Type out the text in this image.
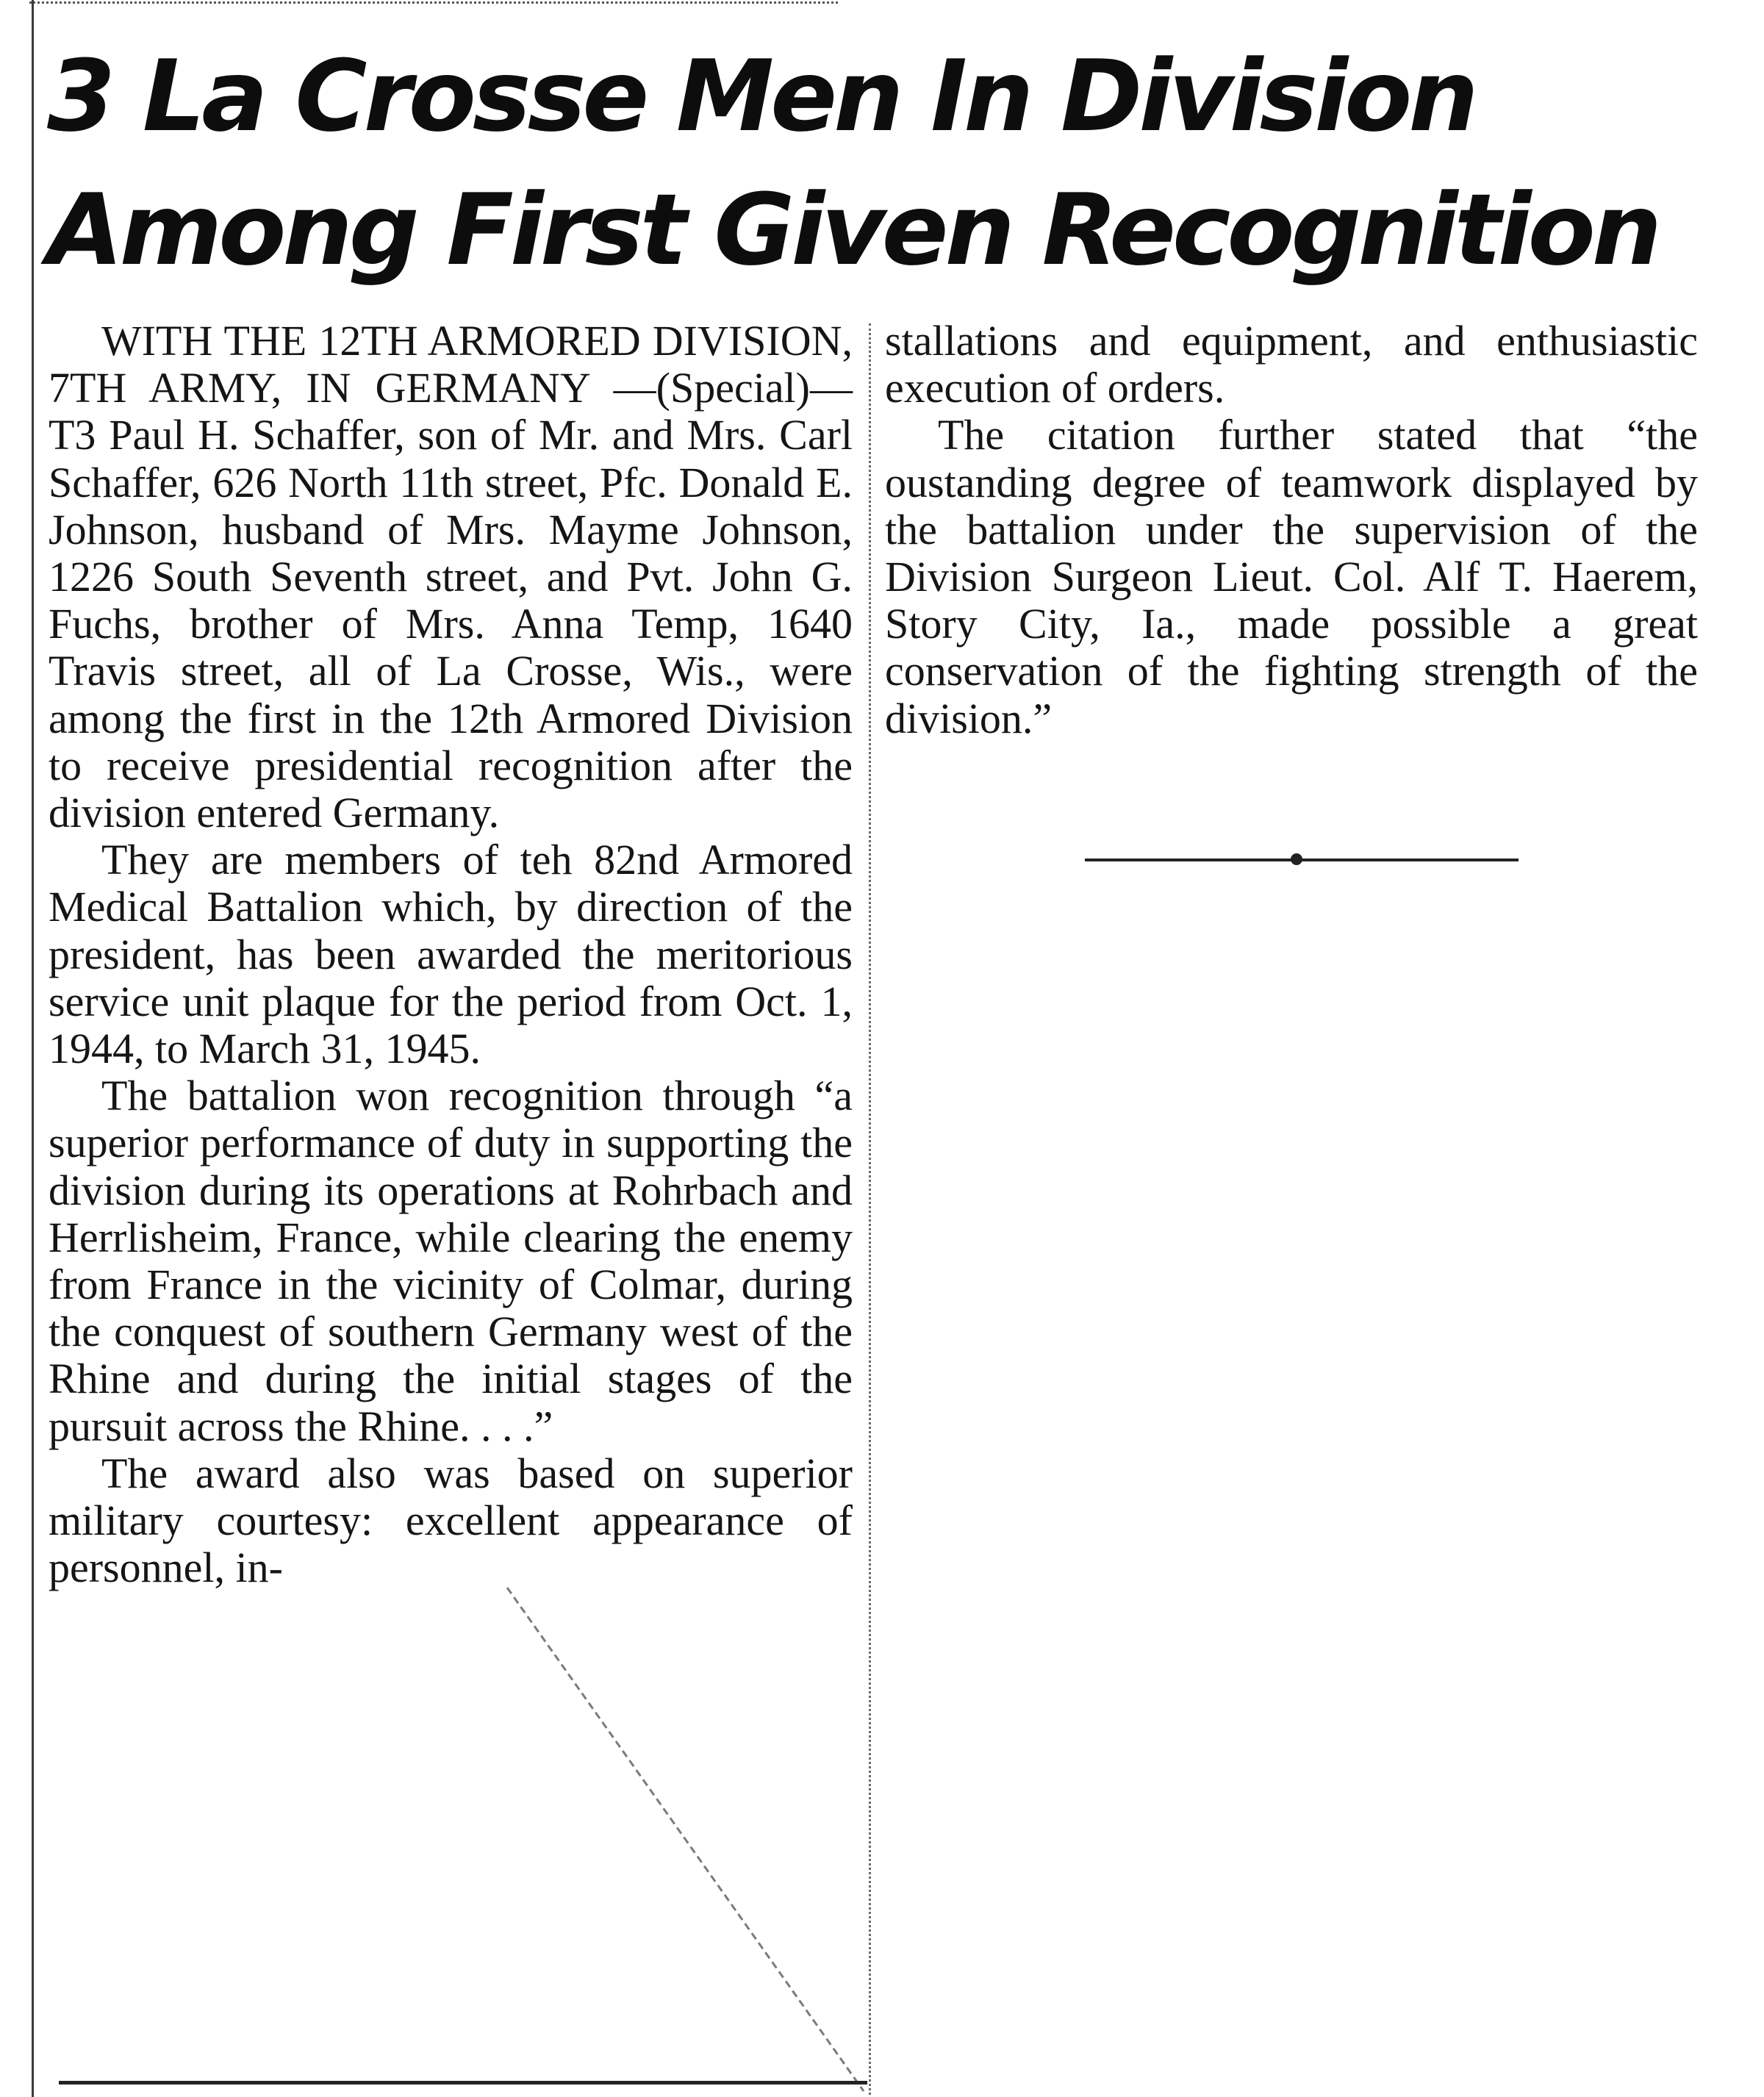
3 La Crosse Men In Division
Among First Given Recognition

WITH THE 12TH ARMORED DIVISION, 7TH ARMY, IN GERMANY —(Special)— T3 Paul H. Schaffer, son of Mr. and Mrs. Carl Schaffer, 626 North 11th street, Pfc. Donald E. Johnson, husband of Mrs. Mayme Johnson, 1226 South Seventh street, and Pvt. John G. Fuchs, brother of Mrs. Anna Temp, 1640 Travis street, all of La Crosse, Wis., were among the first in the 12th Armored Division to receive presidential recognition after the division entered Germany.

They are members of teh 82nd Armored Medical Battalion which, by direction of the president, has been awarded the meritorious service unit plaque for the period from Oct. 1, 1944, to March 31, 1945.

The battalion won recognition through “a superior performance of duty in supporting the division during its operations at Rohrbach and Herrlisheim, France, while clearing the enemy from France in the vicinity of Colmar, during the conquest of southern Germany west of the Rhine and during the initial stages of the pursuit across the Rhine. . . .”

The award also was based on superior military courtesy: excellent appearance of personnel, in-

stallations and equipment, and enthusiastic execution of orders.

The citation further stated that “the oustanding degree of teamwork displayed by the battalion under the supervision of the Division Surgeon Lieut. Col. Alf T. Haerem, Story City, Ia., made possible a great conservation of the fighting strength of the division.”
